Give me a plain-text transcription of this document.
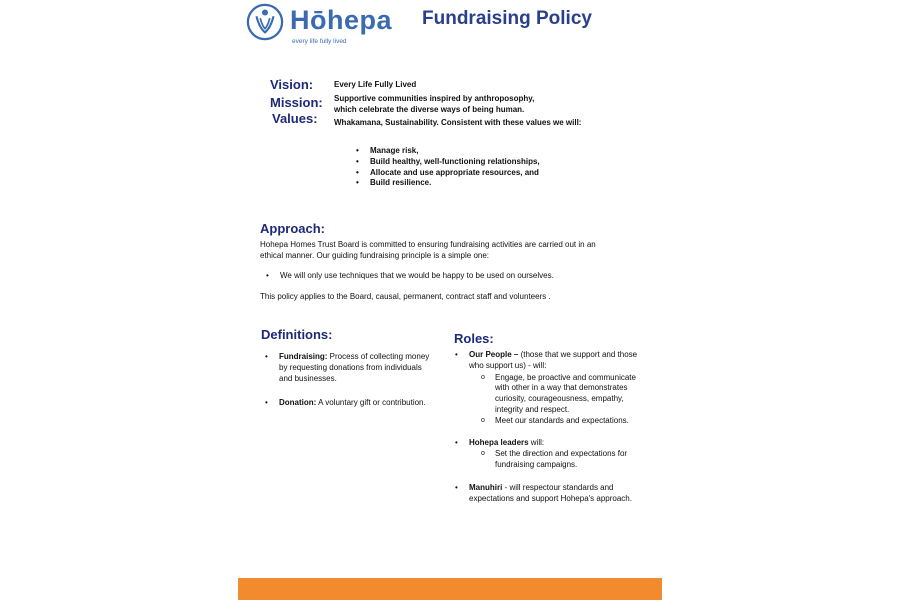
Hōhepa
every life fully lived
Fundraising Policy
Vision:
Mission:
Values:
Every Life Fully Lived
Supportive communities inspired by anthroposophy, which celebrate the diverse ways of being human.
Whakamana, Sustainability. Consistent with these values we will:
• Manage risk,
• Build healthy, well-functioning relationships,
• Allocate and use appropriate resources, and
• Build resilience.
Approach:
Hohepa Homes Trust Board is committed to ensuring fundraising activities are carried out in an ethical manner. Our guiding fundraising principle is a simple one:
• We will only use techniques that we would be happy to be used on ourselves.
This policy applies to the Board, causal, permanent, contract staff and volunteers .
Definitions:
• Fundraising: Process of collecting money by requesting donations from individuals and businesses.
• Donation: A voluntary gift or contribution.
Roles:
• Our People – (those that we support and those who support us) - will:
o Engage, be proactive and communicate with other in a way that demonstrates curiosity, courageousness, empathy, integrity and respect.
o Meet our standards and expectations.
• Hohepa leaders will:
o Set the direction and expectations for fundraising campaigns.
• Manuhiri - will respectour standards and expectations and support Hohepa's approach.
